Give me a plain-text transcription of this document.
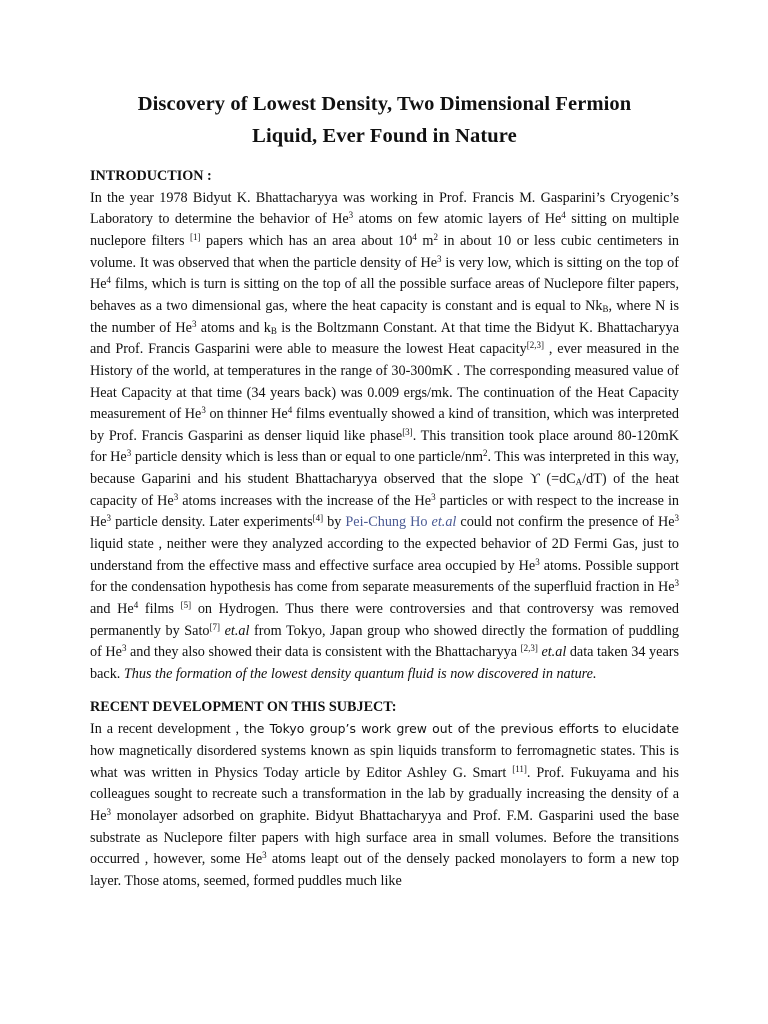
Discovery of Lowest Density, Two Dimensional Fermion
Liquid, Ever Found in Nature
INTRODUCTION :

In the year 1978 Bidyut K. Bhattacharyya was working in Prof. Francis M. Gasparini’s Cryogenic’s Laboratory to determine the behavior of He$^3$ atoms on few atomic layers of He$^4$ sitting on multiple nuclepore filters [1] papers which has an area about $10^4$ $m^2$ in about 10 or less cubic centimeters in volume. It was observed that when the particle density of He$^3$ is very low, which is sitting on the top of He$^4$ films, which is turn is sitting on the top of all the possible surface areas of Nuclepore filter papers, behaves as a two dimensional gas, where the heat capacity is constant and is equal to $Nk_B$, where N is the number of He$^3$ atoms and $k_B$ is the Boltzmann Constant. At that time the Bidyut K. Bhattacharyya and Prof. Francis Gasparini were able to measure the lowest Heat capacity[2,3] , ever measured in the History of the world, at temperatures in the range of 30-300mK . The corresponding measured value of Heat Capacity at that time (34 years back) was 0.009 ergs/mk. The continuation of the Heat Capacity measurement of He$^3$ on thinner He$^4$ films eventually showed a kind of transition, which was interpreted by Prof. Francis Gasparini as denser liquid like phase[3]. This transition took place around 80-120mK for He$^3$ particle density which is less than or equal to one particle/$nm^2$. This was interpreted in this way, because Gaparini and his student Bhattacharyya observed that the slope ϒ $(=dC_A/dT)$ of the heat capacity of He$^3$ atoms increases with the increase of the He$^3$ particles or with respect to the increase in He$^3$ particle density. Later experiments[4] by Pei-Chung Ho et.al could not confirm the presence of He$^3$ liquid state , neither were they analyzed according to the expected behavior of 2D Fermi Gas, just to understand from the effective mass and effective surface area occupied by He$^3$ atoms. Possible support for the condensation hypothesis has come from separate measurements of the superfluid fraction in He$^3$ and He$^4$ films [5] on Hydrogen. Thus there were controversies and that controversy was removed permanently by Sato[7] et.al from Tokyo, Japan group who showed directly the formation of puddling of He$^3$ and they also showed their data is consistent with the Bhattacharyya [2,3] et.al data taken 34 years back. Thus the formation of the lowest density quantum fluid is now discovered in nature.

RECENT DEVELOPMENT ON THIS SUBJECT:

In a recent development , the Tokyo group’s work grew out of the previous efforts to elucidate how magnetically disordered systems known as spin liquids transform to ferromagnetic states. This is what was written in Physics Today article by Editor Ashley G. Smart [11]. Prof. Fukuyama and his colleagues sought to recreate such a transformation in the lab by gradually increasing the density of a He$^3$ monolayer adsorbed on graphite. Bidyut Bhattacharyya and Prof. F.M. Gasparini used the base substrate as Nuclepore filter papers with high surface area in small volumes. Before the transitions occurred , however, some He$^3$ atoms leapt out of the densely packed monolayers to form a new top layer. Those atoms, seemed, formed puddles much like
